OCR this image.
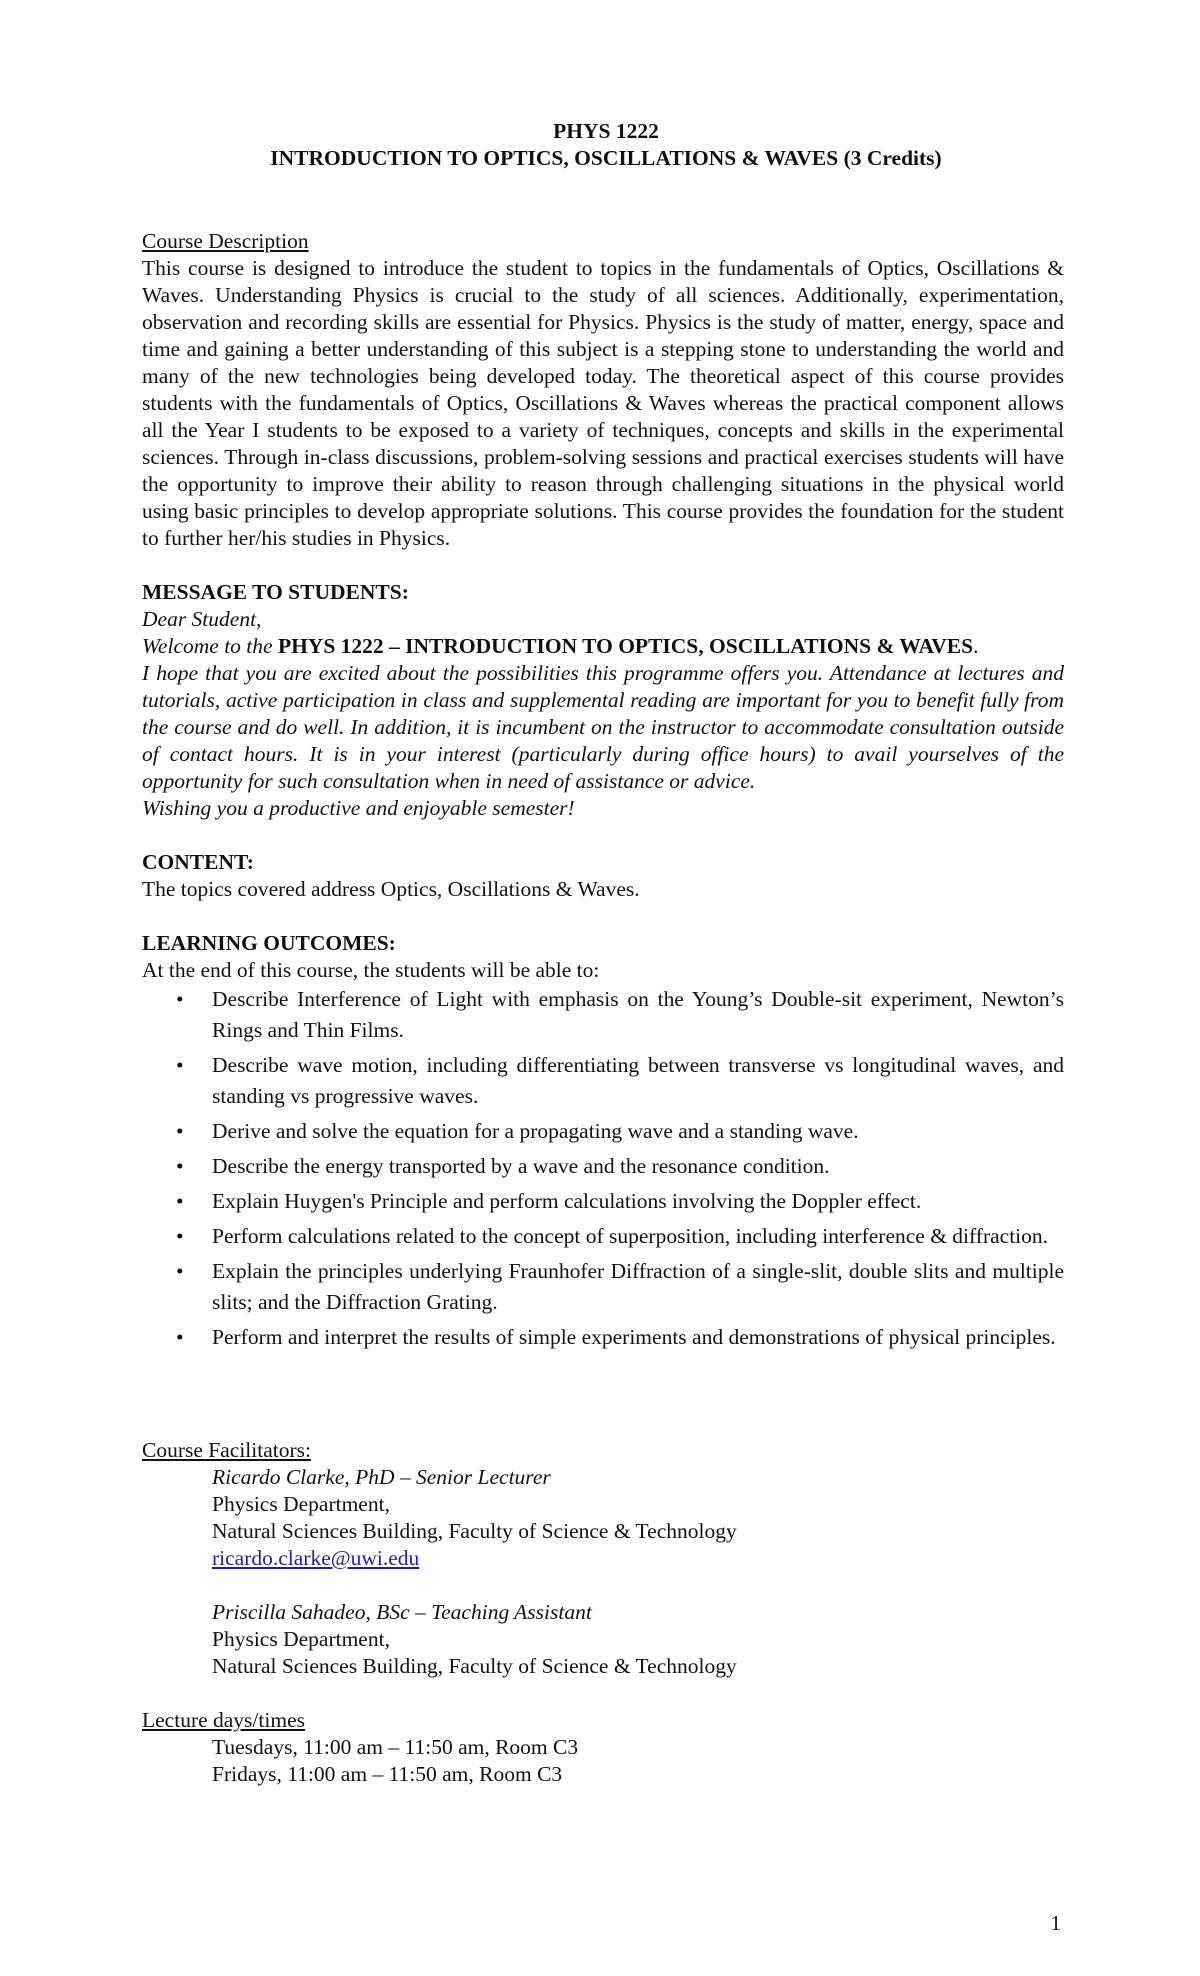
PHYS 1222
INTRODUCTION TO OPTICS, OSCILLATIONS & WAVES (3 Credits)

Course Description

This course is designed to introduce the student to topics in the fundamentals of Optics, Oscillations & Waves. Understanding Physics is crucial to the study of all sciences. Additionally, experimentation, observation and recording skills are essential for Physics. Physics is the study of matter, energy, space and time and gaining a better understanding of this subject is a stepping stone to understanding the world and many of the new technologies being developed today. The theoretical aspect of this course provides students with the fundamentals of Optics, Oscillations & Waves whereas the practical component allows all the Year I students to be exposed to a variety of techniques, concepts and skills in the experimental sciences. Through in-class discussions, problem-solving sessions and practical exercises students will have the opportunity to improve their ability to reason through challenging situations in the physical world using basic principles to develop appropriate solutions. This course provides the foundation for the student to further her/his studies in Physics.

MESSAGE TO STUDENTS:

Dear Student,

Welcome to the PHYS 1222 – INTRODUCTION TO OPTICS, OSCILLATIONS & WAVES.

I hope that you are excited about the possibilities this programme offers you. Attendance at lectures and tutorials, active participation in class and supplemental reading are important for you to benefit fully from the course and do well. In addition, it is incumbent on the instructor to accommodate consultation outside of contact hours. It is in your interest (particularly during office hours) to avail yourselves of the opportunity for such consultation when in need of assistance or advice.

Wishing you a productive and enjoyable semester!

CONTENT:

The topics covered address Optics, Oscillations & Waves.

LEARNING OUTCOMES:

At the end of this course, the students will be able to:

• Describe Interference of Light with emphasis on the Young’s Double-sit experiment, Newton’s Rings and Thin Films.
• Describe wave motion, including differentiating between transverse vs longitudinal waves, and standing vs progressive waves.
• Derive and solve the equation for a propagating wave and a standing wave.
• Describe the energy transported by a wave and the resonance condition.
• Explain Huygen's Principle and perform calculations involving the Doppler effect.
• Perform calculations related to the concept of superposition, including interference & diffraction.
• Explain the principles underlying Fraunhofer Diffraction of a single-slit, double slits and multiple slits; and the Diffraction Grating.
• Perform and interpret the results of simple experiments and demonstrations of physical principles.

Course Facilitators:

Ricardo Clarke, PhD – Senior Lecturer

Physics Department,

Natural Sciences Building, Faculty of Science & Technology

ricardo.clarke@uwi.edu

Priscilla Sahadeo, BSc – Teaching Assistant

Physics Department,

Natural Sciences Building, Faculty of Science & Technology

Lecture days/times

Tuesdays, 11:00 am – 11:50 am, Room C3

Fridays, 11:00 am – 11:50 am, Room C3

1
